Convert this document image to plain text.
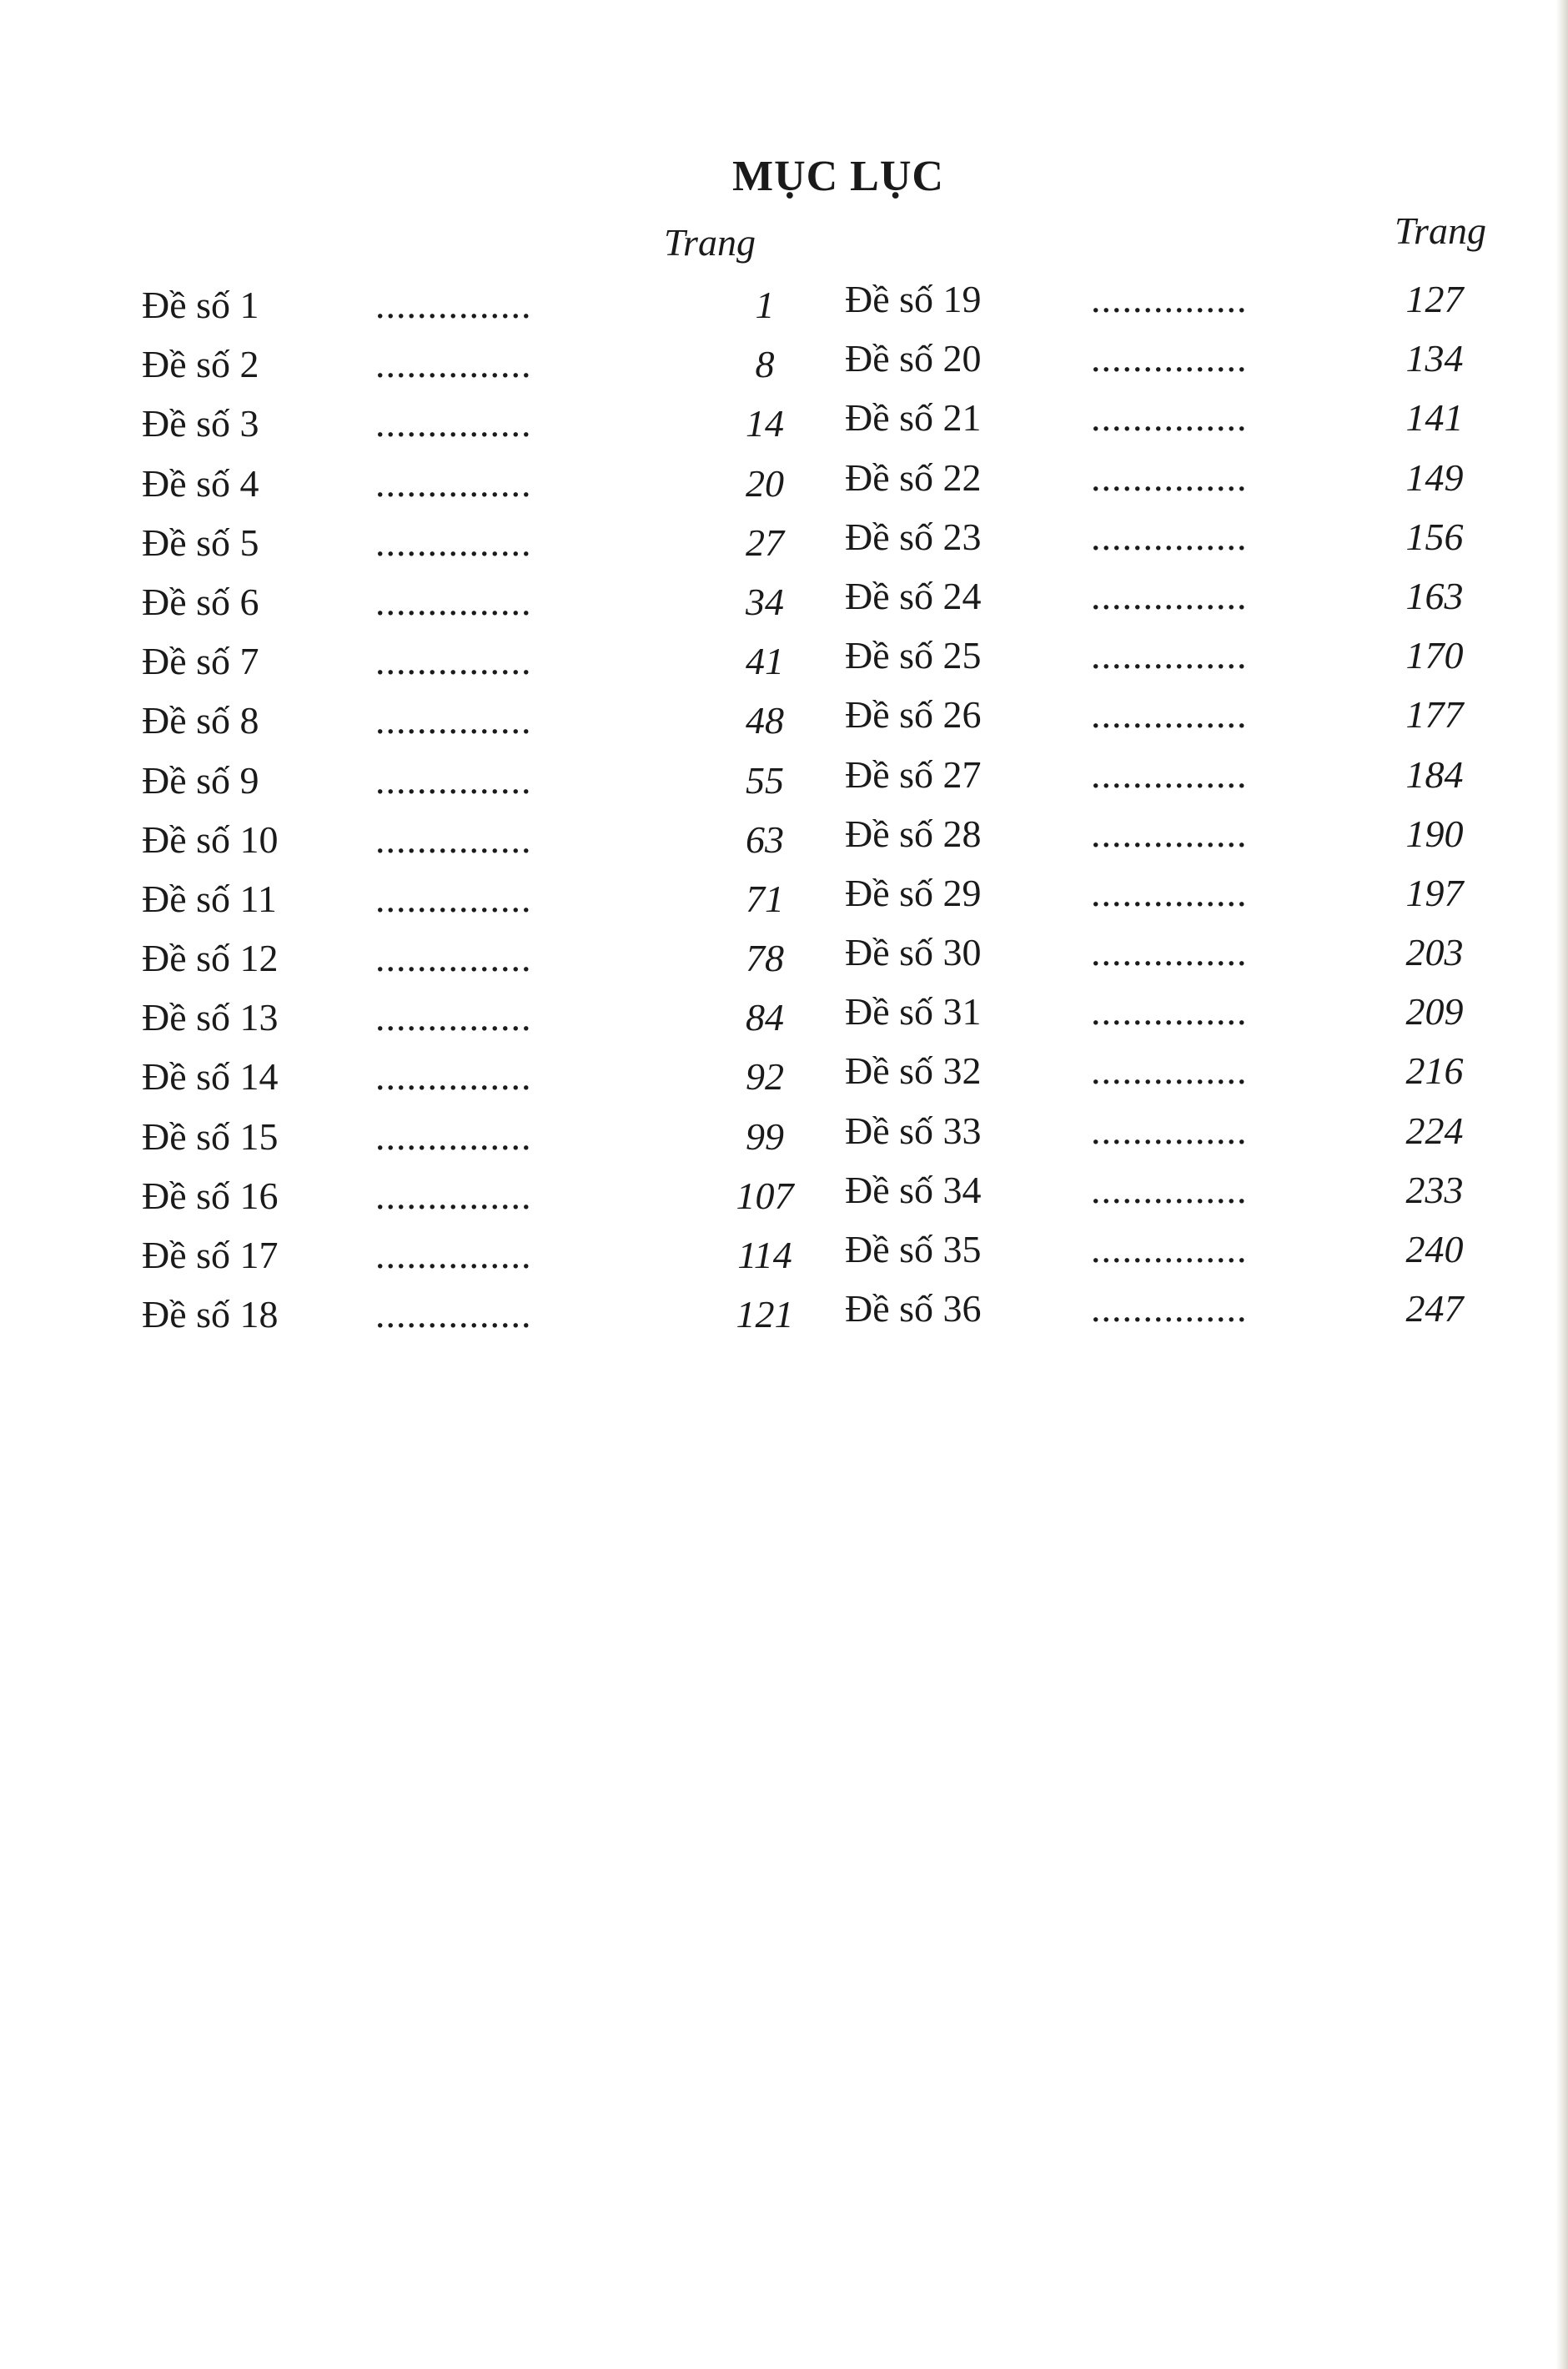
MỤC LỤC
Trang	Trang
Đề số 1	...............	1
Đề số 2	...............	8
Đề số 3	...............	14
Đề số 4	...............	20
Đề số 5	...............	27
Đề số 6	...............	34
Đề số 7	...............	41
Đề số 8	...............	48
Đề số 9	...............	55
Đề số 10	...............	63
Đề số 11	...............	71
Đề số 12	...............	78
Đề số 13	...............	84
Đề số 14	...............	92
Đề số 15	...............	99
Đề số 16	...............	107
Đề số 17	...............	114
Đề số 18	...............	121
Đề số 19	...............	127
Đề số 20	...............	134
Đề số 21	...............	141
Đề số 22	...............	149
Đề số 23	...............	156
Đề số 24	...............	163
Đề số 25	...............	170
Đề số 26	...............	177
Đề số 27	...............	184
Đề số 28	...............	190
Đề số 29	...............	197
Đề số 30	...............	203
Đề số 31	...............	209
Đề số 32	...............	216
Đề số 33	...............	224
Đề số 34	...............	233
Đề số 35	...............	240
Đề số 36	...............	247
